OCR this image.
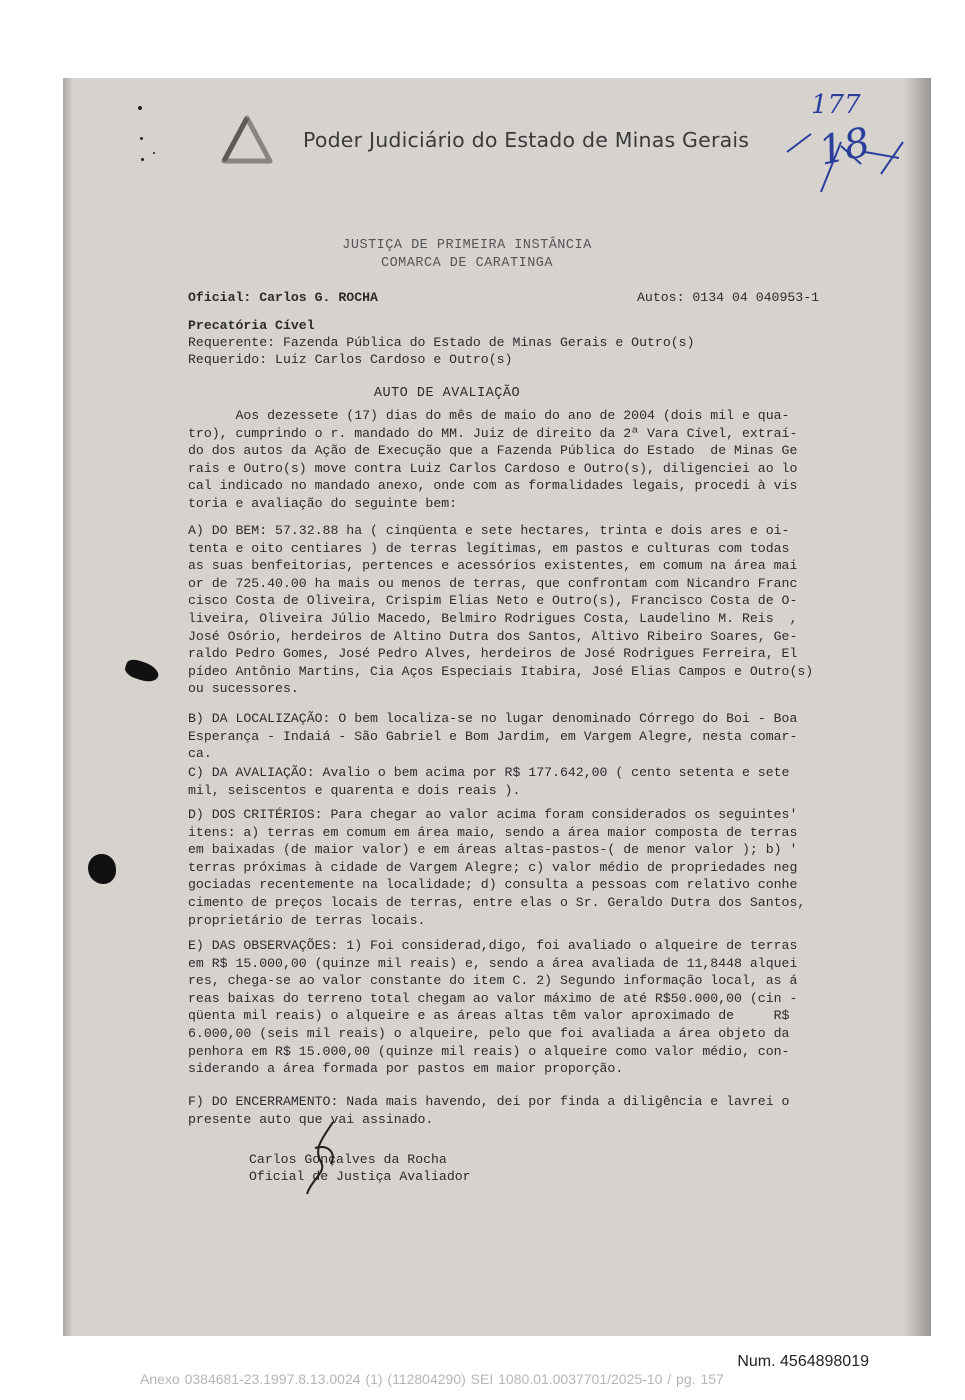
Poder Judiciário do Estado de Minas Gerais
177
18
JUSTIÇA DE PRIMEIRA INSTÂNCIA
COMARCA DE CARATINGA
Oficial: Carlos G. ROCHA	Autos: 0134 04 040953-1
Precatória Cível
Requerente: Fazenda Pública do Estado de Minas Gerais e Outro(s)
Requerido: Luiz Carlos Cardoso e Outro(s)
AUTO DE AVALIAÇÃO
Aos dezessete (17) dias do mês de maio do ano de 2004 (dois mil e qua-
tro), cumprindo o r. mandado do MM. Juiz de direito da 2ª Vara Cível, extraí-
do dos autos da Ação de Execução que a Fazenda Pública do Estado  de Minas Ge
rais e Outro(s) move contra Luiz Carlos Cardoso e Outro(s), diligenciei ao lo
cal indicado no mandado anexo, onde com as formalidades legais, procedi à vis
toria e avaliação do seguinte bem:
A) DO BEM: 57.32.88 ha ( cinqüenta e sete hectares, trinta e dois ares e oi-
tenta e oito centiares ) de terras legítimas, em pastos e culturas com todas
as suas benfeitorias, pertences e acessórios existentes, em comum na área mai
or de 725.40.00 ha mais ou menos de terras, que confrontam com Nicandro Franc
cisco Costa de Oliveira, Crispim Elias Neto e Outro(s), Francisco Costa de O-
liveira, Oliveira Júlio Macedo, Belmiro Rodrigues Costa, Laudelino M. Reis  ,
José Osório, herdeiros de Altino Dutra dos Santos, Altivo Ribeiro Soares, Ge-
raldo Pedro Gomes, José Pedro Alves, herdeiros de José Rodrigues Ferreira, El
pídeo Antônio Martins, Cia Aços Especiais Itabira, José Elias Campos e Outro(s)
ou sucessores.
B) DA LOCALIZAÇÃO: O bem localiza-se no lugar denominado Córrego do Boi - Boa
Esperança - Indaiá - São Gabriel e Bom Jardim, em Vargem Alegre, nesta comar-
ca.
C) DA AVALIAÇÃO: Avalio o bem acima por R$ 177.642,00 ( cento setenta e sete
mil, seiscentos e quarenta e dois reais ).
D) DOS CRITÉRIOS: Para chegar ao valor acima foram considerados os seguintes'
itens: a) terras em comum em área maio, sendo a área maior composta de terras
em baixadas (de maior valor) e em áreas altas-pastos-( de menor valor ); b) '
terras próximas à cidade de Vargem Alegre; c) valor médio de propriedades neg
gociadas recentemente na localidade; d) consulta a pessoas com relativo conhe
cimento de preços locais de terras, entre elas o Sr. Geraldo Dutra dos Santos,
proprietário de terras locais.
E) DAS OBSERVAÇÕES: 1) Foi considerad,digo, foi avaliado o alqueire de terras
em R$ 15.000,00 (quinze mil reais) e, sendo a área avaliada de 11,8448 alquei
res, chega-se ao valor constante do item C. 2) Segundo informação local, as á
reas baixas do terreno total chegam ao valor máximo de até R$50.000,00 (cin -
qüenta mil reais) o alqueire e as áreas altas têm valor aproximado de     R$
6.000,00 (seis mil reais) o alqueire, pelo que foi avaliada a área objeto da
penhora em R$ 15.000,00 (quinze mil reais) o alqueire como valor médio, con-
siderando a área formada por pastos em maior proporção.
F) DO ENCERRAMENTO: Nada mais havendo, dei por finda a diligência e lavrei o
presente auto que vai assinado.
Carlos Gonçalves da Rocha
Oficial de Justiça Avaliador
Num. 4564898019
Anexo 0384681-23.1997.8.13.0024 (1) (112804290) SEI 1080.01.0037701/2025-10 / pg. 157
